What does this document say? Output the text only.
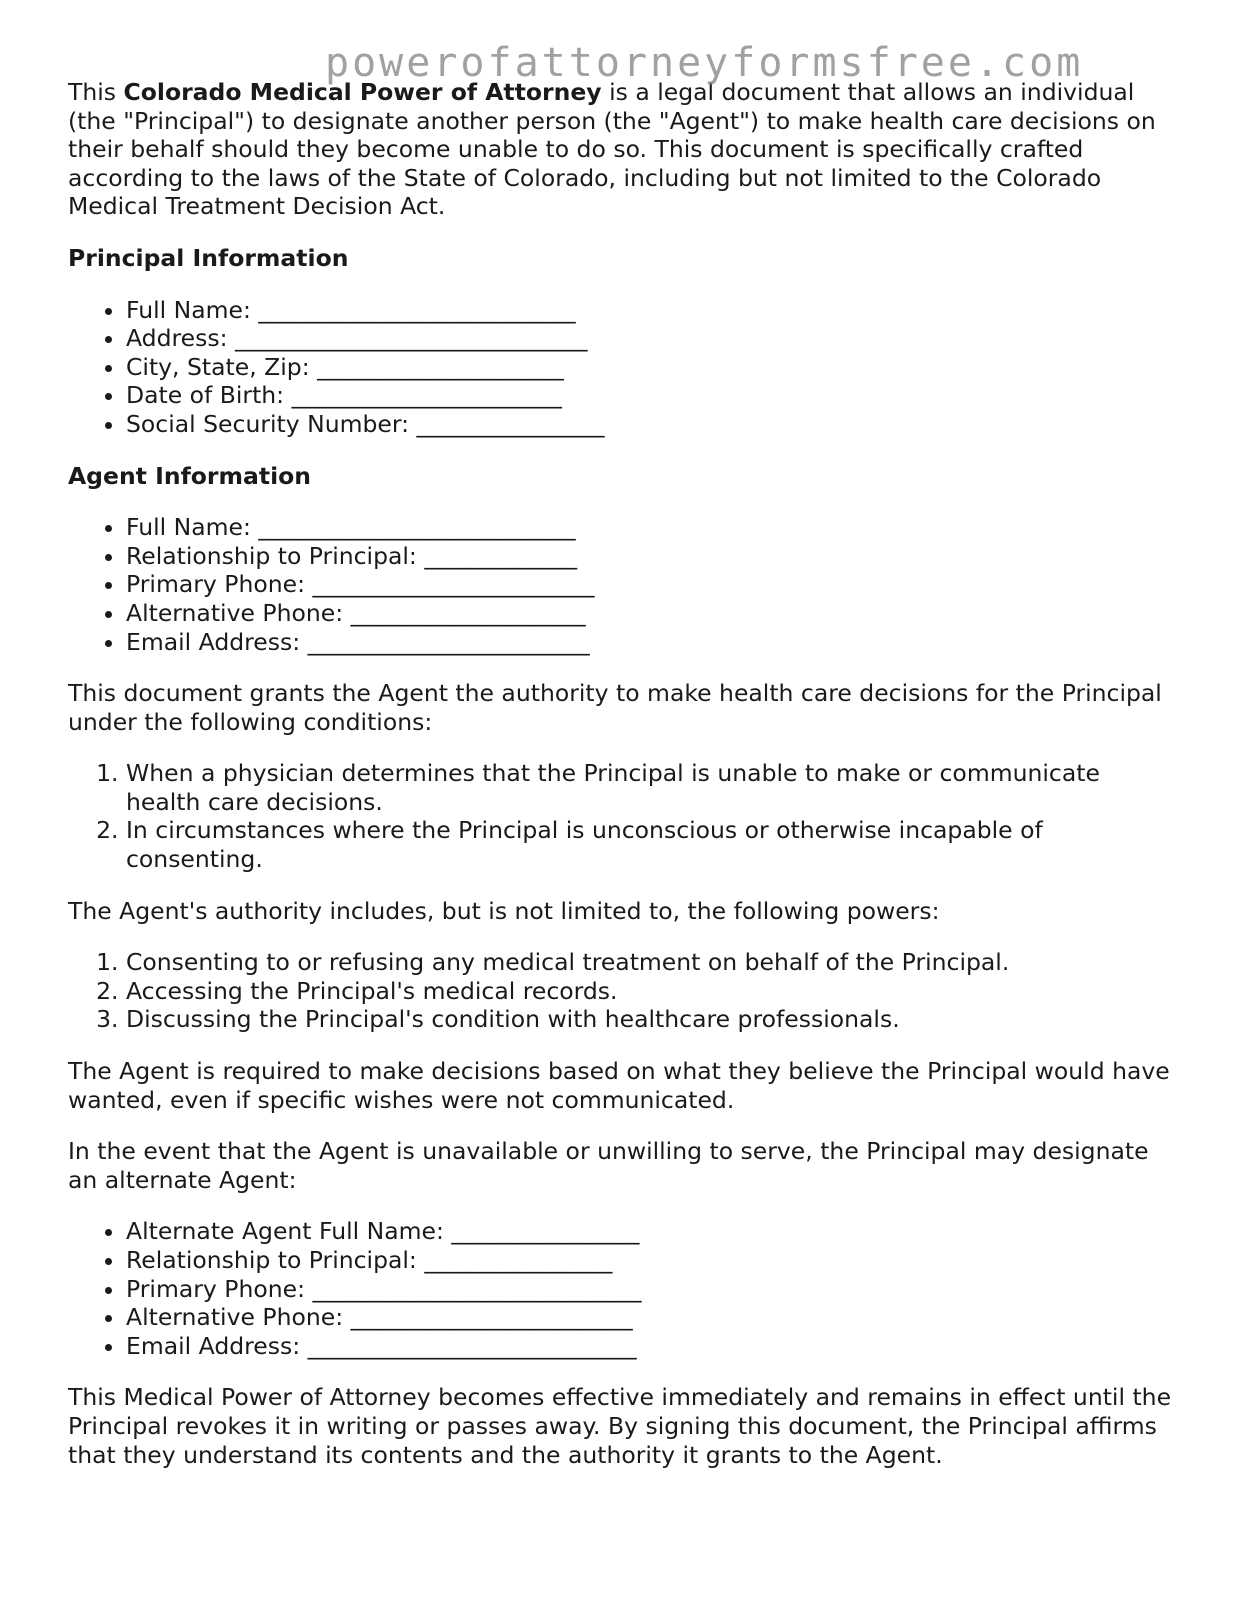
powerofattorneyformsfree.com

This Colorado Medical Power of Attorney is a legal document that allows an individual (the "Principal") to designate another person (the "Agent") to make health care decisions on their behalf should they become unable to do so. This document is specifically crafted according to the laws of the State of Colorado, including but not limited to the Colorado Medical Treatment Decision Act.

Principal Information
• Full Name: ___________________________
• Address: ______________________________
• City, State, Zip: _____________________
• Date of Birth: _______________________
• Social Security Number: ________________
Agent Information
• Full Name: ___________________________
• Relationship to Principal: _____________
• Primary Phone: ________________________
• Alternative Phone: ____________________
• Email Address: ________________________

This document grants the Agent the authority to make health care decisions for the Principal under the following conditions:

1. When a physician determines that the Principal is unable to make or communicate health care decisions.
2. In circumstances where the Principal is unconscious or otherwise incapable of consenting.

The Agent's authority includes, but is not limited to, the following powers:

1. Consenting to or refusing any medical treatment on behalf of the Principal.
2. Accessing the Principal's medical records.
3. Discussing the Principal's condition with healthcare professionals.

The Agent is required to make decisions based on what they believe the Principal would have wanted, even if specific wishes were not communicated.

In the event that the Agent is unavailable or unwilling to serve, the Principal may designate an alternate Agent:

• Alternate Agent Full Name: ________________
• Relationship to Principal: ________________
• Primary Phone: ____________________________
• Alternative Phone: ________________________
• Email Address: ____________________________

This Medical Power of Attorney becomes effective immediately and remains in effect until the Principal revokes it in writing or passes away. By signing this document, the Principal affirms that they understand its contents and the authority it grants to the Agent.
